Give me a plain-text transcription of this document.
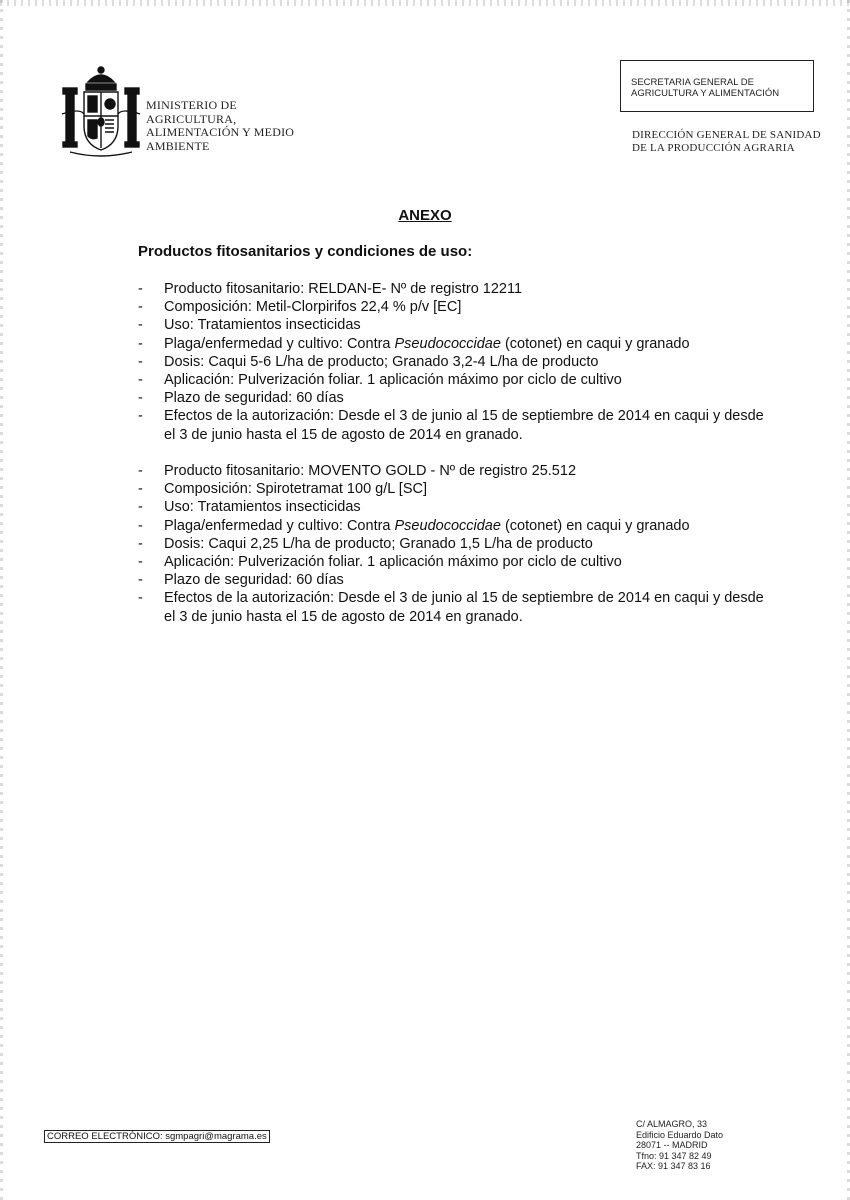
MINISTERIO DE
AGRICULTURA,
ALIMENTACIÓN Y MEDIO
AMBIENTE
SECRETARIA GENERAL DE
AGRICULTURA Y ALIMENTACIÓN
DIRECCIÓN GENERAL DE SANIDAD
DE LA PRODUCCIÓN AGRARIA
ANEXO
Productos fitosanitarios y condiciones de uso:
- Producto fitosanitario: RELDAN-E- Nº de registro 12211
- Composición: Metil-Clorpirifos 22,4 % p/v [EC]
- Uso: Tratamientos insecticidas
- Plaga/enfermedad y cultivo: Contra Pseudococcidae (cotonet) en caqui y granado
- Dosis: Caqui 5-6 L/ha de producto; Granado 3,2-4 L/ha de producto
- Aplicación: Pulverización foliar. 1 aplicación máximo por ciclo de cultivo
- Plazo de seguridad: 60 días
- Efectos de la autorización: Desde el 3 de junio al 15 de septiembre de 2014 en caqui y desde el 3 de junio hasta el 15 de agosto de 2014 en granado.
- Producto fitosanitario: MOVENTO GOLD - Nº de registro 25.512
- Composición: Spirotetramat 100 g/L [SC]
- Uso: Tratamientos insecticidas
- Plaga/enfermedad y cultivo: Contra Pseudococcidae (cotonet) en caqui y granado
- Dosis: Caqui 2,25 L/ha de producto; Granado 1,5 L/ha de producto
- Aplicación: Pulverización foliar. 1 aplicación máximo por ciclo de cultivo
- Plazo de seguridad: 60 días
- Efectos de la autorización: Desde el 3 de junio al 15 de septiembre de 2014 en caqui y desde el 3 de junio hasta el 15 de agosto de 2014 en granado.
CORREO ELECTRÓNICO: sgmpagri@magrama.es
C/ ALMAGRO, 33
Edificio Eduardo Dato
28071 -- MADRID
Tfno: 91 347 82 49
FAX: 91 347 83 16
